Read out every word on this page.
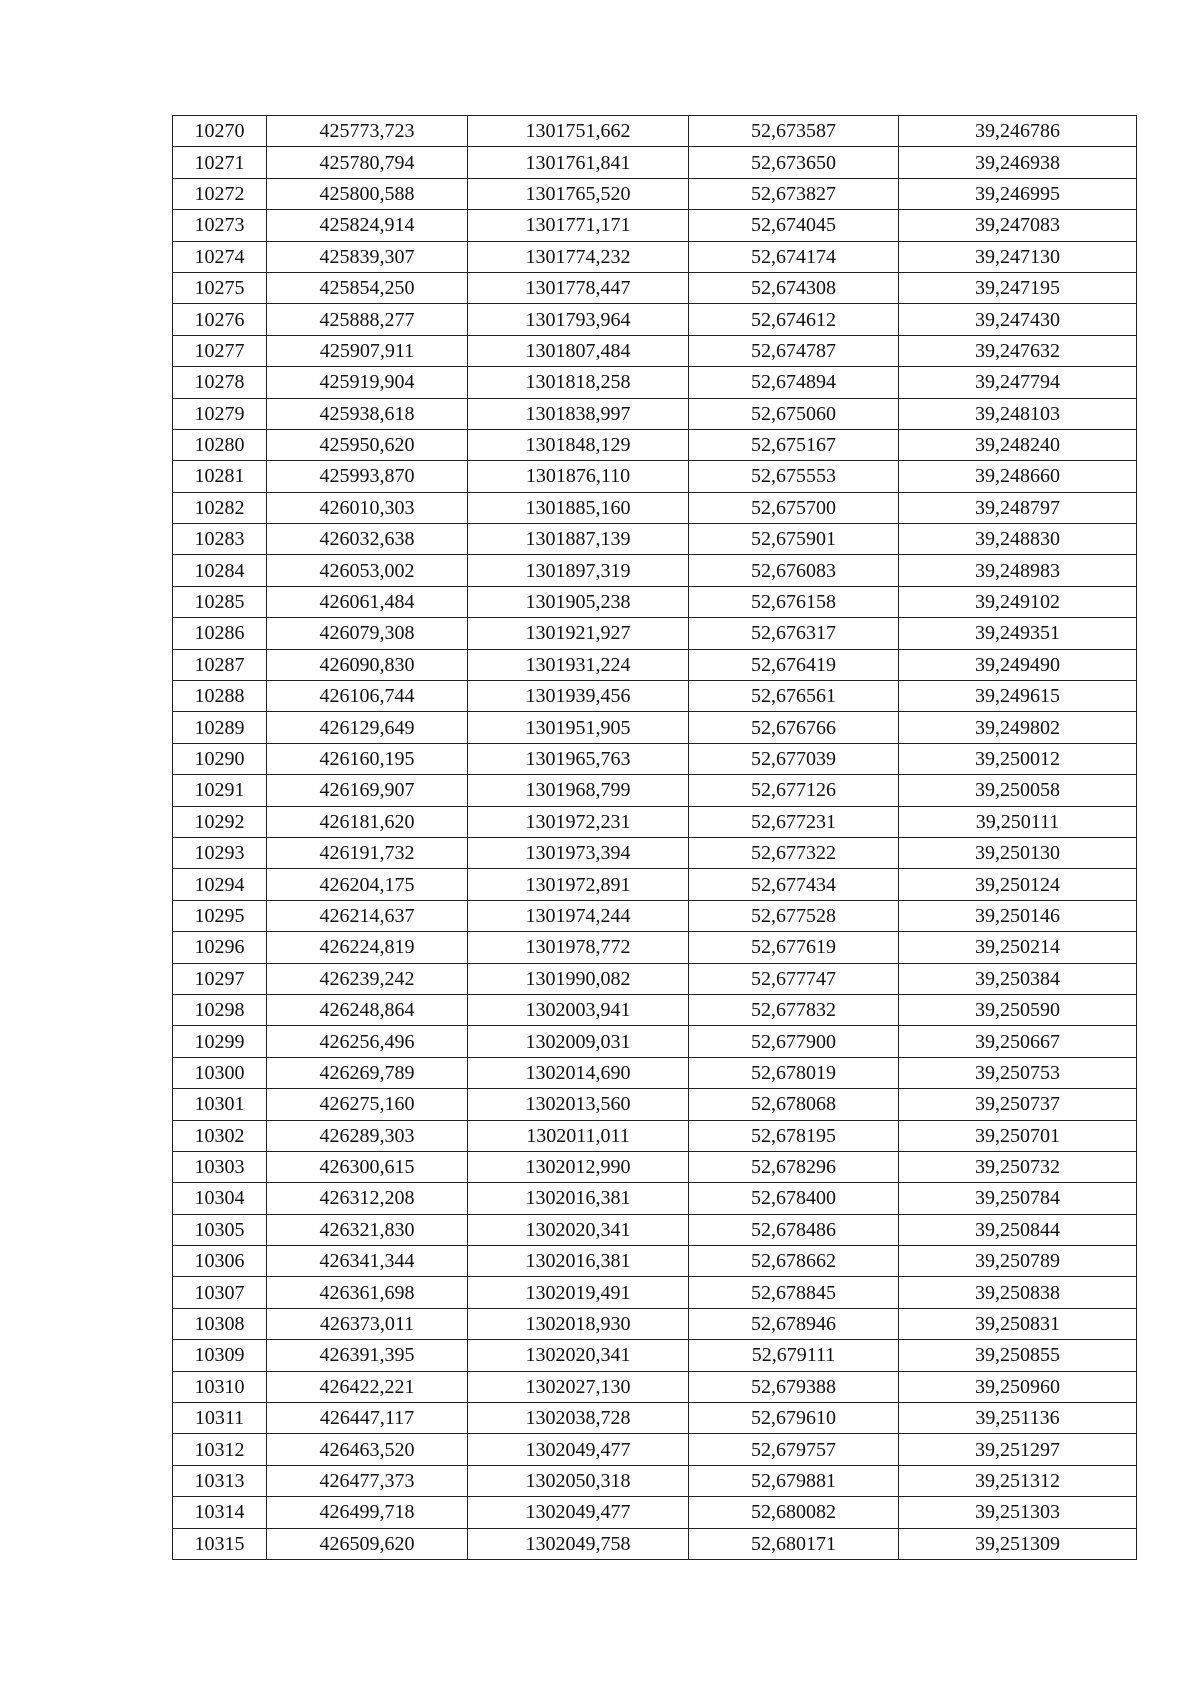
10270	425773,723	1301751,662	52,673587	39,246786
10271	425780,794	1301761,841	52,673650	39,246938
10272	425800,588	1301765,520	52,673827	39,246995
10273	425824,914	1301771,171	52,674045	39,247083
10274	425839,307	1301774,232	52,674174	39,247130
10275	425854,250	1301778,447	52,674308	39,247195
10276	425888,277	1301793,964	52,674612	39,247430
10277	425907,911	1301807,484	52,674787	39,247632
10278	425919,904	1301818,258	52,674894	39,247794
10279	425938,618	1301838,997	52,675060	39,248103
10280	425950,620	1301848,129	52,675167	39,248240
10281	425993,870	1301876,110	52,675553	39,248660
10282	426010,303	1301885,160	52,675700	39,248797
10283	426032,638	1301887,139	52,675901	39,248830
10284	426053,002	1301897,319	52,676083	39,248983
10285	426061,484	1301905,238	52,676158	39,249102
10286	426079,308	1301921,927	52,676317	39,249351
10287	426090,830	1301931,224	52,676419	39,249490
10288	426106,744	1301939,456	52,676561	39,249615
10289	426129,649	1301951,905	52,676766	39,249802
10290	426160,195	1301965,763	52,677039	39,250012
10291	426169,907	1301968,799	52,677126	39,250058
10292	426181,620	1301972,231	52,677231	39,250111
10293	426191,732	1301973,394	52,677322	39,250130
10294	426204,175	1301972,891	52,677434	39,250124
10295	426214,637	1301974,244	52,677528	39,250146
10296	426224,819	1301978,772	52,677619	39,250214
10297	426239,242	1301990,082	52,677747	39,250384
10298	426248,864	1302003,941	52,677832	39,250590
10299	426256,496	1302009,031	52,677900	39,250667
10300	426269,789	1302014,690	52,678019	39,250753
10301	426275,160	1302013,560	52,678068	39,250737
10302	426289,303	1302011,011	52,678195	39,250701
10303	426300,615	1302012,990	52,678296	39,250732
10304	426312,208	1302016,381	52,678400	39,250784
10305	426321,830	1302020,341	52,678486	39,250844
10306	426341,344	1302016,381	52,678662	39,250789
10307	426361,698	1302019,491	52,678845	39,250838
10308	426373,011	1302018,930	52,678946	39,250831
10309	426391,395	1302020,341	52,679111	39,250855
10310	426422,221	1302027,130	52,679388	39,250960
10311	426447,117	1302038,728	52,679610	39,251136
10312	426463,520	1302049,477	52,679757	39,251297
10313	426477,373	1302050,318	52,679881	39,251312
10314	426499,718	1302049,477	52,680082	39,251303
10315	426509,620	1302049,758	52,680171	39,251309
